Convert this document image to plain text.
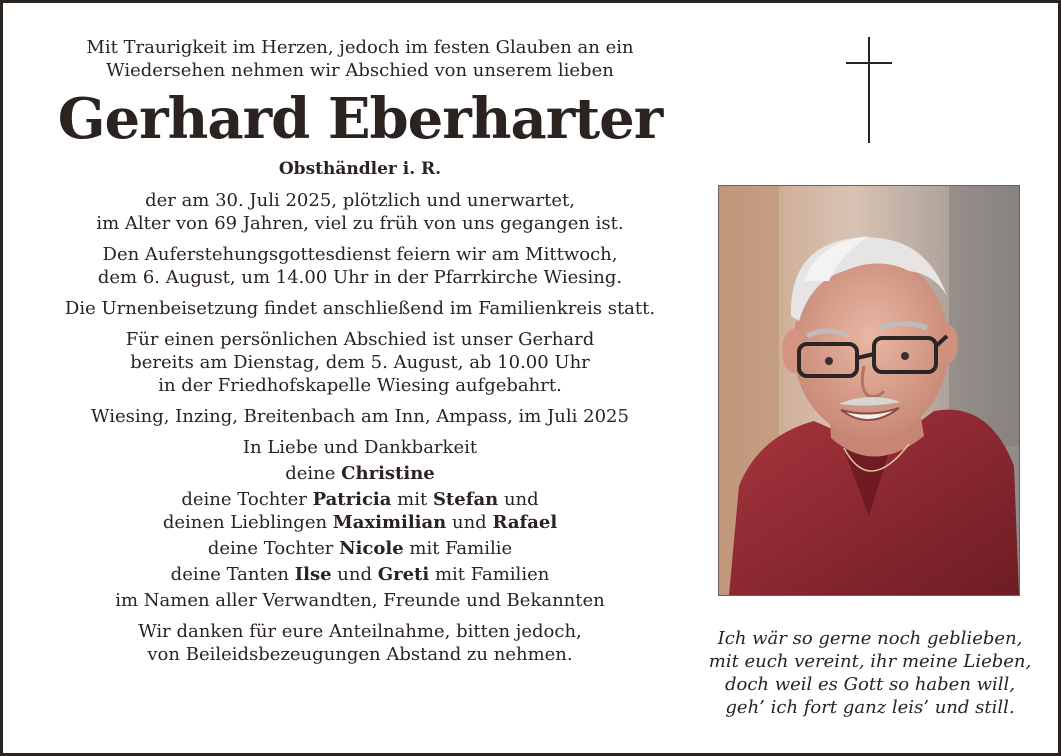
Mit Traurigkeit im Herzen, jedoch im festen Glauben an ein
Wiedersehen nehmen wir Abschied von unserem lieben

Gerhard Eberharter

Obsthändler i. R.

der am 30. Juli 2025, plötzlich und unerwartet,
im Alter von 69 Jahren, viel zu früh von uns gegangen ist.

Den Auferstehungsgottesdienst feiern wir am Mittwoch,
dem 6. August, um 14.00 Uhr in der Pfarrkirche Wiesing.

Die Urnenbeisetzung findet anschließend im Familienkreis statt.

Für einen persönlichen Abschied ist unser Gerhard
bereits am Dienstag, dem 5. August, ab 10.00 Uhr
in der Friedhofskapelle Wiesing aufgebahrt.

Wiesing, Inzing, Breitenbach am Inn, Ampass, im Juli 2025

In Liebe und Dankbarkeit
deine Christine
deine Tochter Patricia mit Stefan und
deinen Lieblingen Maximilian und Rafael
deine Tochter Nicole mit Familie
deine Tanten Ilse und Greti mit Familien
im Namen aller Verwandten, Freunde und Bekannten

Wir danken für eure Anteilnahme, bitten jedoch,
von Beileidsbezeugungen Abstand zu nehmen.

Ich wär so gerne noch geblieben,
mit euch vereint, ihr meine Lieben,
doch weil es Gott so haben will,
geh’ ich fort ganz leis’ und still.
